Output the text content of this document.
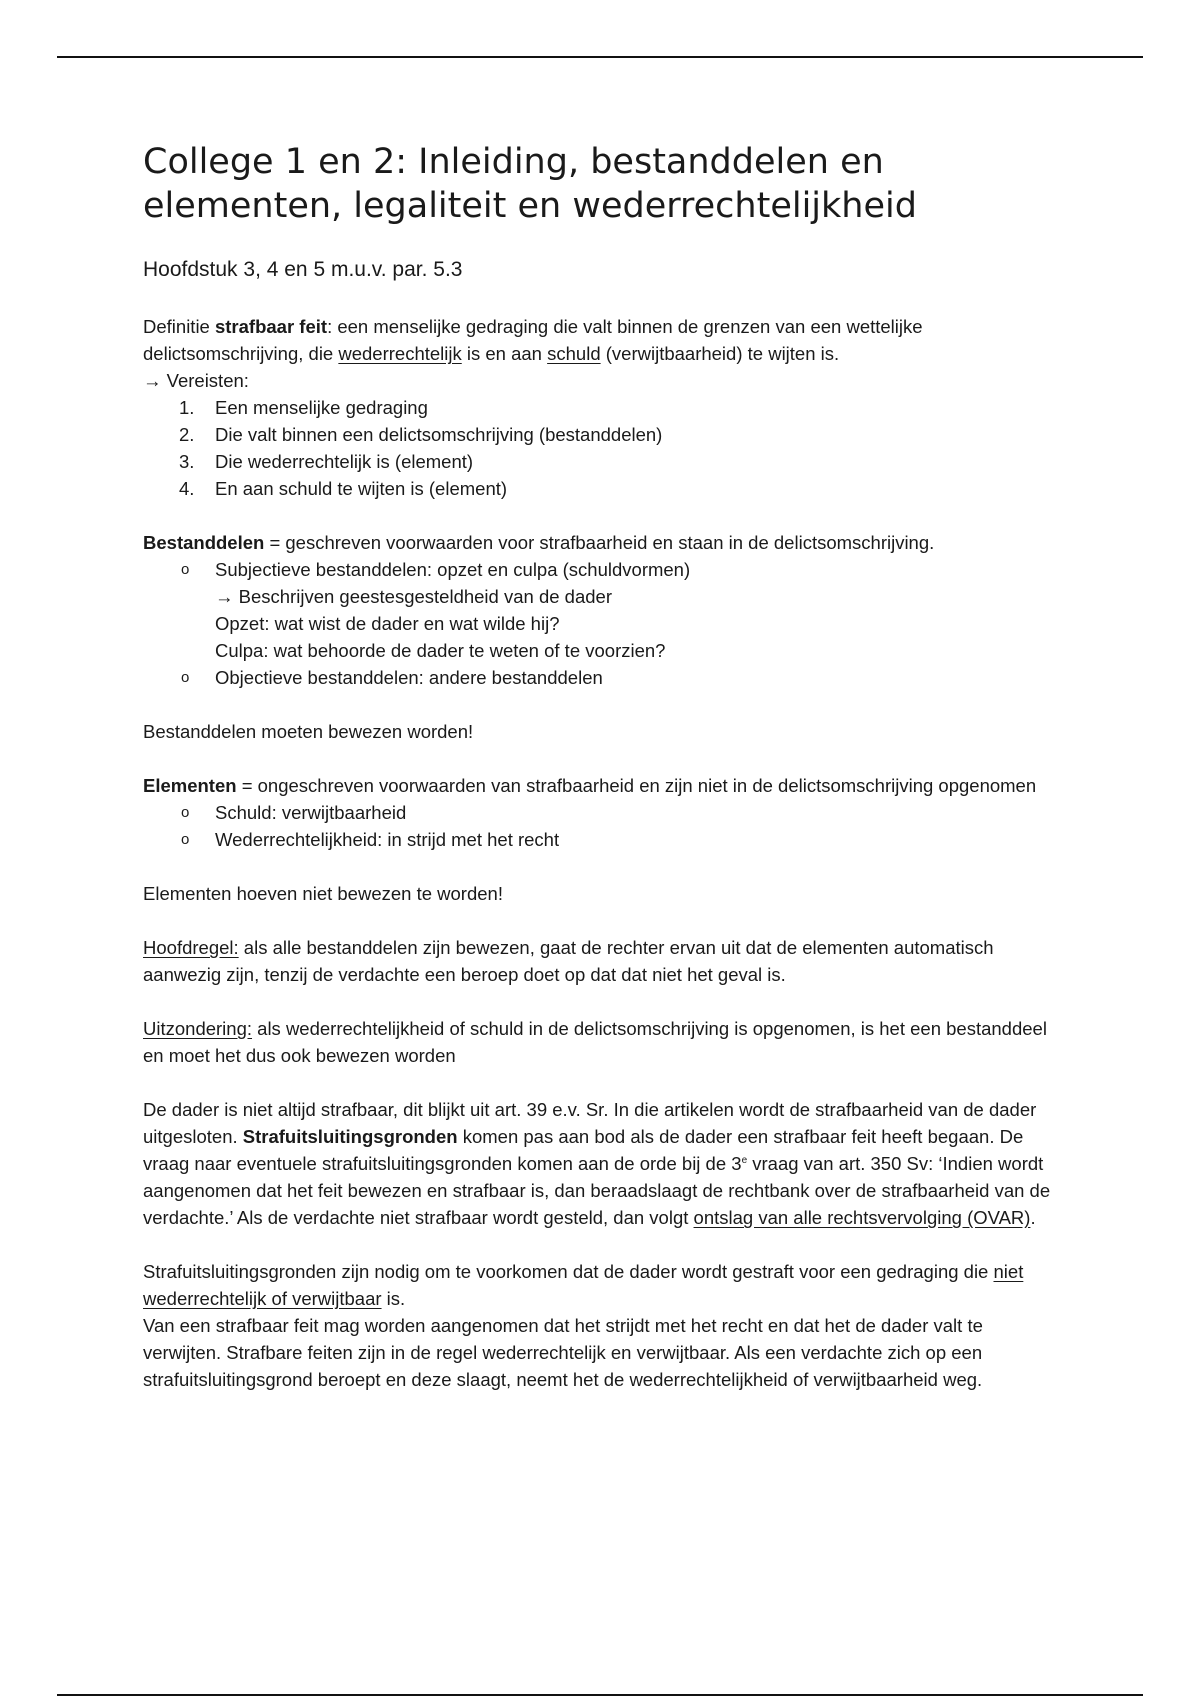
College 1 en 2: Inleiding, bestanddelen en
elementen, legaliteit en wederrechtelijkheid

Hoofdstuk 3, 4 en 5 m.u.v. par. 5.3

Definitie strafbaar feit: een menselijke gedraging die valt binnen de grenzen van een wettelijke delictsomschrijving, die wederrechtelijk is en aan schuld (verwijtbaarheid) te wijten is.

→ Vereisten:

1. Een menselijke gedraging
2. Die valt binnen een delictsomschrijving (bestanddelen)
3. Die wederrechtelijk is (element)
4. En aan schuld te wijten is (element)

Bestanddelen = geschreven voorwaarden voor strafbaarheid en staan in de delictsomschrijving.

o Subjectieve bestanddelen: opzet en culpa (schuldvormen)
→ Beschrijven geestesgesteldheid van de dader
Opzet: wat wist de dader en wat wilde hij?
Culpa: wat behoorde de dader te weten of te voorzien?
o Objectieve bestanddelen: andere bestanddelen

Bestanddelen moeten bewezen worden!

Elementen = ongeschreven voorwaarden van strafbaarheid en zijn niet in de delictsomschrijving opgenomen

o Schuld: verwijtbaarheid
o Wederrechtelijkheid: in strijd met het recht

Elementen hoeven niet bewezen te worden!

Hoofdregel: als alle bestanddelen zijn bewezen, gaat de rechter ervan uit dat de elementen automatisch aanwezig zijn, tenzij de verdachte een beroep doet op dat dat niet het geval is.

Uitzondering: als wederrechtelijkheid of schuld in de delictsomschrijving is opgenomen, is het een bestanddeel en moet het dus ook bewezen worden

De dader is niet altijd strafbaar, dit blijkt uit art. 39 e.v. Sr. In die artikelen wordt de strafbaarheid van de dader uitgesloten. Strafuitsluitingsgronden komen pas aan bod als de dader een strafbaar feit heeft begaan. De vraag naar eventuele strafuitsluitingsgronden komen aan de orde bij de 3e vraag van art. 350 Sv: ‘Indien wordt aangenomen dat het feit bewezen en strafbaar is, dan beraadslaagt de rechtbank over de strafbaarheid van de verdachte.’ Als de verdachte niet strafbaar wordt gesteld, dan volgt ontslag van alle rechtsvervolging (OVAR).

Strafuitsluitingsgronden zijn nodig om te voorkomen dat de dader wordt gestraft voor een gedraging die niet wederrechtelijk of verwijtbaar is.

Van een strafbaar feit mag worden aangenomen dat het strijdt met het recht en dat het de dader valt te verwijten. Strafbare feiten zijn in de regel wederrechtelijk en verwijtbaar. Als een verdachte zich op een strafuitsluitingsgrond beroept en deze slaagt, neemt het de wederrechtelijkheid of verwijtbaarheid weg.
